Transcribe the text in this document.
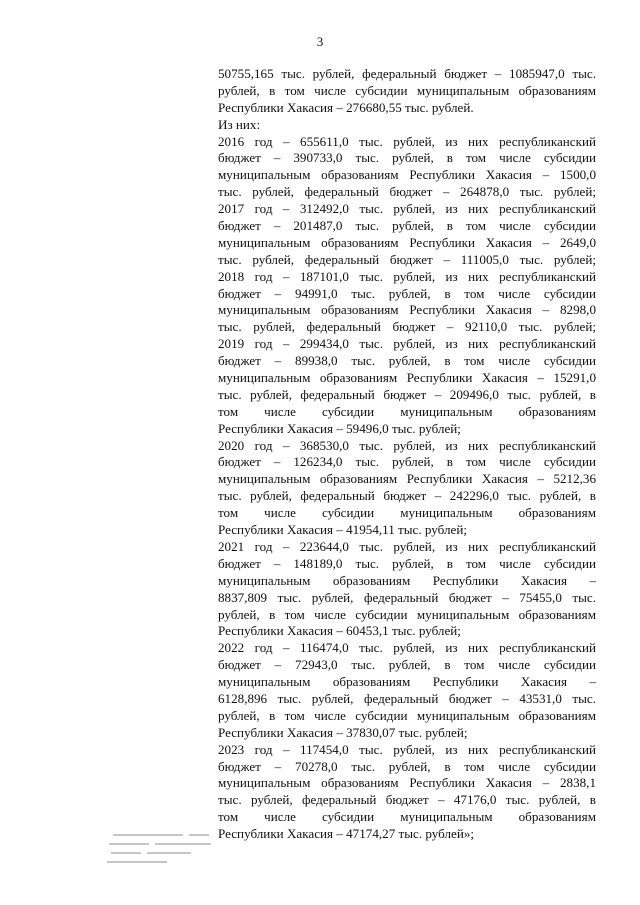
3
50755,165 тыс. рублей, федеральный бюджет – 1085947,0 тыс.
рублей, в том числе субсидии муниципальным образованиям
Республики Хакасия – 276680,55 тыс. рублей.
Из них:
2016 год – 655611,0 тыс. рублей, из них республиканский
бюджет – 390733,0 тыс. рублей, в том числе субсидии
муниципальным образованиям Республики Хакасия – 1500,0
тыс. рублей, федеральный бюджет – 264878,0 тыс. рублей;
2017 год – 312492,0 тыс. рублей, из них республиканский
бюджет – 201487,0 тыс. рублей, в том числе субсидии
муниципальным образованиям Республики Хакасия – 2649,0
тыс. рублей, федеральный бюджет – 111005,0 тыс. рублей;
2018 год – 187101,0 тыс. рублей, из них республиканский
бюджет – 94991,0 тыс. рублей, в том числе субсидии
муниципальным образованиям Республики Хакасия – 8298,0
тыс. рублей, федеральный бюджет – 92110,0 тыс. рублей;
2019 год – 299434,0 тыс. рублей, из них республиканский
бюджет – 89938,0 тыс. рублей, в том числе субсидии
муниципальным образованиям Республики Хакасия – 15291,0
тыс. рублей, федеральный бюджет – 209496,0 тыс. рублей, в
том числе субсидии муниципальным образованиям
Республики Хакасия – 59496,0 тыс. рублей;
2020 год – 368530,0 тыс. рублей, из них республиканский
бюджет – 126234,0 тыс. рублей, в том числе субсидии
муниципальным образованиям Республики Хакасия – 5212,36
тыс. рублей, федеральный бюджет – 242296,0 тыс. рублей, в
том числе субсидии муниципальным образованиям
Республики Хакасия – 41954,11 тыс. рублей;
2021 год – 223644,0 тыс. рублей, из них республиканский
бюджет – 148189,0 тыс. рублей, в том числе субсидии
муниципальным образованиям Республики Хакасия –
8837,809 тыс. рублей, федеральный бюджет – 75455,0 тыс.
рублей, в том числе субсидии муниципальным образованиям
Республики Хакасия – 60453,1 тыс. рублей;
2022 год – 116474,0 тыс. рублей, из них республиканский
бюджет – 72943,0 тыс. рублей, в том числе субсидии
муниципальным образованиям Республики Хакасия –
6128,896 тыс. рублей, федеральный бюджет – 43531,0 тыс.
рублей, в том числе субсидии муниципальным образованиям
Республики Хакасия – 37830,07 тыс. рублей;
2023 год – 117454,0 тыс. рублей, из них республиканский
бюджет – 70278,0 тыс. рублей, в том числе субсидии
муниципальным образованиям Республики Хакасия – 2838,1
тыс. рублей, федеральный бюджет – 47176,0 тыс. рублей, в
том числе субсидии муниципальным образованиям
Республики Хакасия – 47174,27 тыс. рублей»;
